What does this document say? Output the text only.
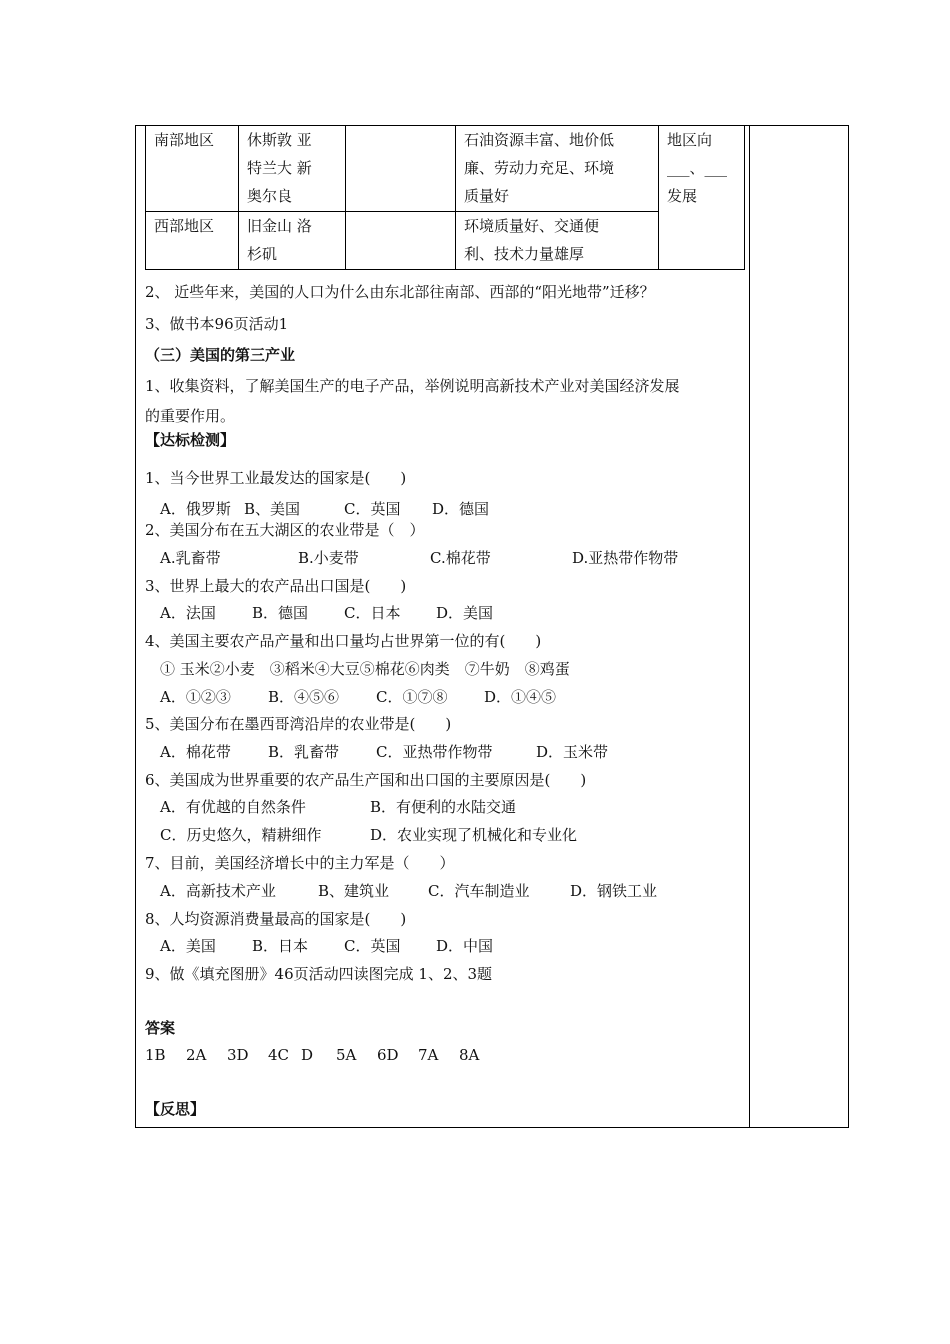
南部地区	休斯敦 亚
特兰大 新
奥尔良		石油资源丰富、地价低
廉、劳动力充足、环境
质量好	地区向
___、___
发展
西部地区	旧金山 洛
杉矶		环境质量好、交通便
利、技术力量雄厚	
2、 近些年来，美国的人口为什么由东北部往南部、西部的“阳光地带”迁移？
3、做书本96页活动1
（三）美国的第三产业
1、收集资料，了解美国生产的电子产品，举例说明高新技术产业对美国经济发展
的重要作用。
【达标检测】
1、当今世界工业最发达的国家是(　　)
A．俄罗斯 B、美国	C．英国 D．德国
2、美国分布在五大湖区的农业带是（　）
A.乳畜带	B.小麦带	C.棉花带	D.亚热带作物带
3、世界上最大的农产品出口国是(　　)
A．法国 B．德国 C．日本 D．美国
4、美国主要农产品产量和出口量均占世界第一位的有(　　)
① 玉米②小麦　③稻米④大豆⑤棉花⑥肉类　⑦牛奶　⑧鸡蛋
A．①②③ B．④⑤⑥ C．①⑦⑧ D．①④⑤
5、美国分布在墨西哥湾沿岸的农业带是(　　)
A．棉花带 B．乳畜带 C．亚热带作物带	D．玉米带
6、美国成为世界重要的农产品生产国和出口国的主要原因是(　　)
A．有优越的自然条件	B．有便利的水陆交通
C．历史悠久，精耕细作	D．农业实现了机械化和专业化
7、目前，美国经济增长中的主力军是（　　）
A．高新技术产业	B、建筑业	C．汽车制造业	D．钢铁工业
8、人均资源消费量最高的国家是(　　)
A．美国 B．日本 C．英国 D．中国
9、做《填充图册》46页活动四读图完成 1、2、3题
答案
1B 2A 3D 4C D 5A 6D 7A 8A
【反思】
